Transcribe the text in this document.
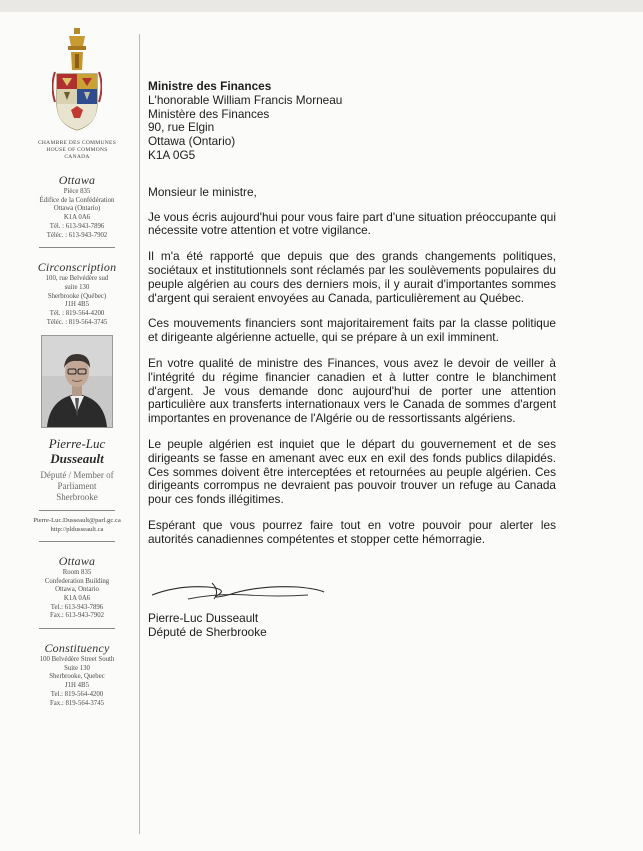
CHAMBRE DES COMMUNES
HOUSE OF COMMONS
CANADA
Ottawa
Pièce 835
Édifice de la Confédération
Ottawa (Ontario)
K1A 0A6
Tél. : 613-943-7896
Téléc. : 613-943-7902
Circonscription
100, rue Belvédère sud
suite 130
Sherbrooke (Québec)
J1H 4B5
Tél. : 819-564-4200
Téléc. : 819-564-3745
Pierre-Luc
Dusseault
Député / Member of
Parliament
Sherbrooke
Pierre-Luc.Dusseault@parl.gc.ca
http://pldusseault.ca
Ottawa
Room 835
Confederation Building
Ottawa, Ontario
K1A 0A6
Tel.: 613-943-7896
Fax.: 613-943-7902
Constituency
100 Belvédère Street South
Suite 130
Sherbrooke, Quebec
J1H 4B5
Tel.: 819-564-4200
Fax.: 819-564-3745
Ministre des Finances
L'honorable William Francis Morneau
Ministère des Finances
90, rue Elgin
Ottawa (Ontario)
K1A 0G5
Monsieur le ministre,
Je vous écris aujourd'hui pour vous faire part d'une situation préoccupante qui nécessite votre attention et votre vigilance.
Il m'a été rapporté que depuis que des grands changements politiques, sociétaux et institutionnels sont réclamés par les soulèvements populaires du peuple algérien au cours des derniers mois, il y aurait d'importantes sommes d'argent qui seraient envoyées au Canada, particulièrement au Québec.
Ces mouvements financiers sont majoritairement faits par la classe politique et dirigeante algérienne actuelle, qui se prépare à un exil imminent.
En votre qualité de ministre des Finances, vous avez le devoir de veiller à l'intégrité du régime financier canadien et à lutter contre le blanchiment d'argent. Je vous demande donc aujourd'hui de porter une attention particulière aux transferts internationaux vers le Canada de sommes d'argent importantes en provenance de l'Algérie ou de ressortissants algériens.
Le peuple algérien est inquiet que le départ du gouvernement et de ses dirigeants se fasse en amenant avec eux en exil des fonds publics dilapidés. Ces sommes doivent être interceptées et retournées au peuple algérien. Ces dirigeants corrompus ne devraient pas pouvoir trouver un refuge au Canada pour ces fonds illégitimes.
Espérant que vous pourrez faire tout en votre pouvoir pour alerter les autorités canadiennes compétentes et stopper cette hémorragie.
Pierre-Luc Dusseault
Député de Sherbrooke
